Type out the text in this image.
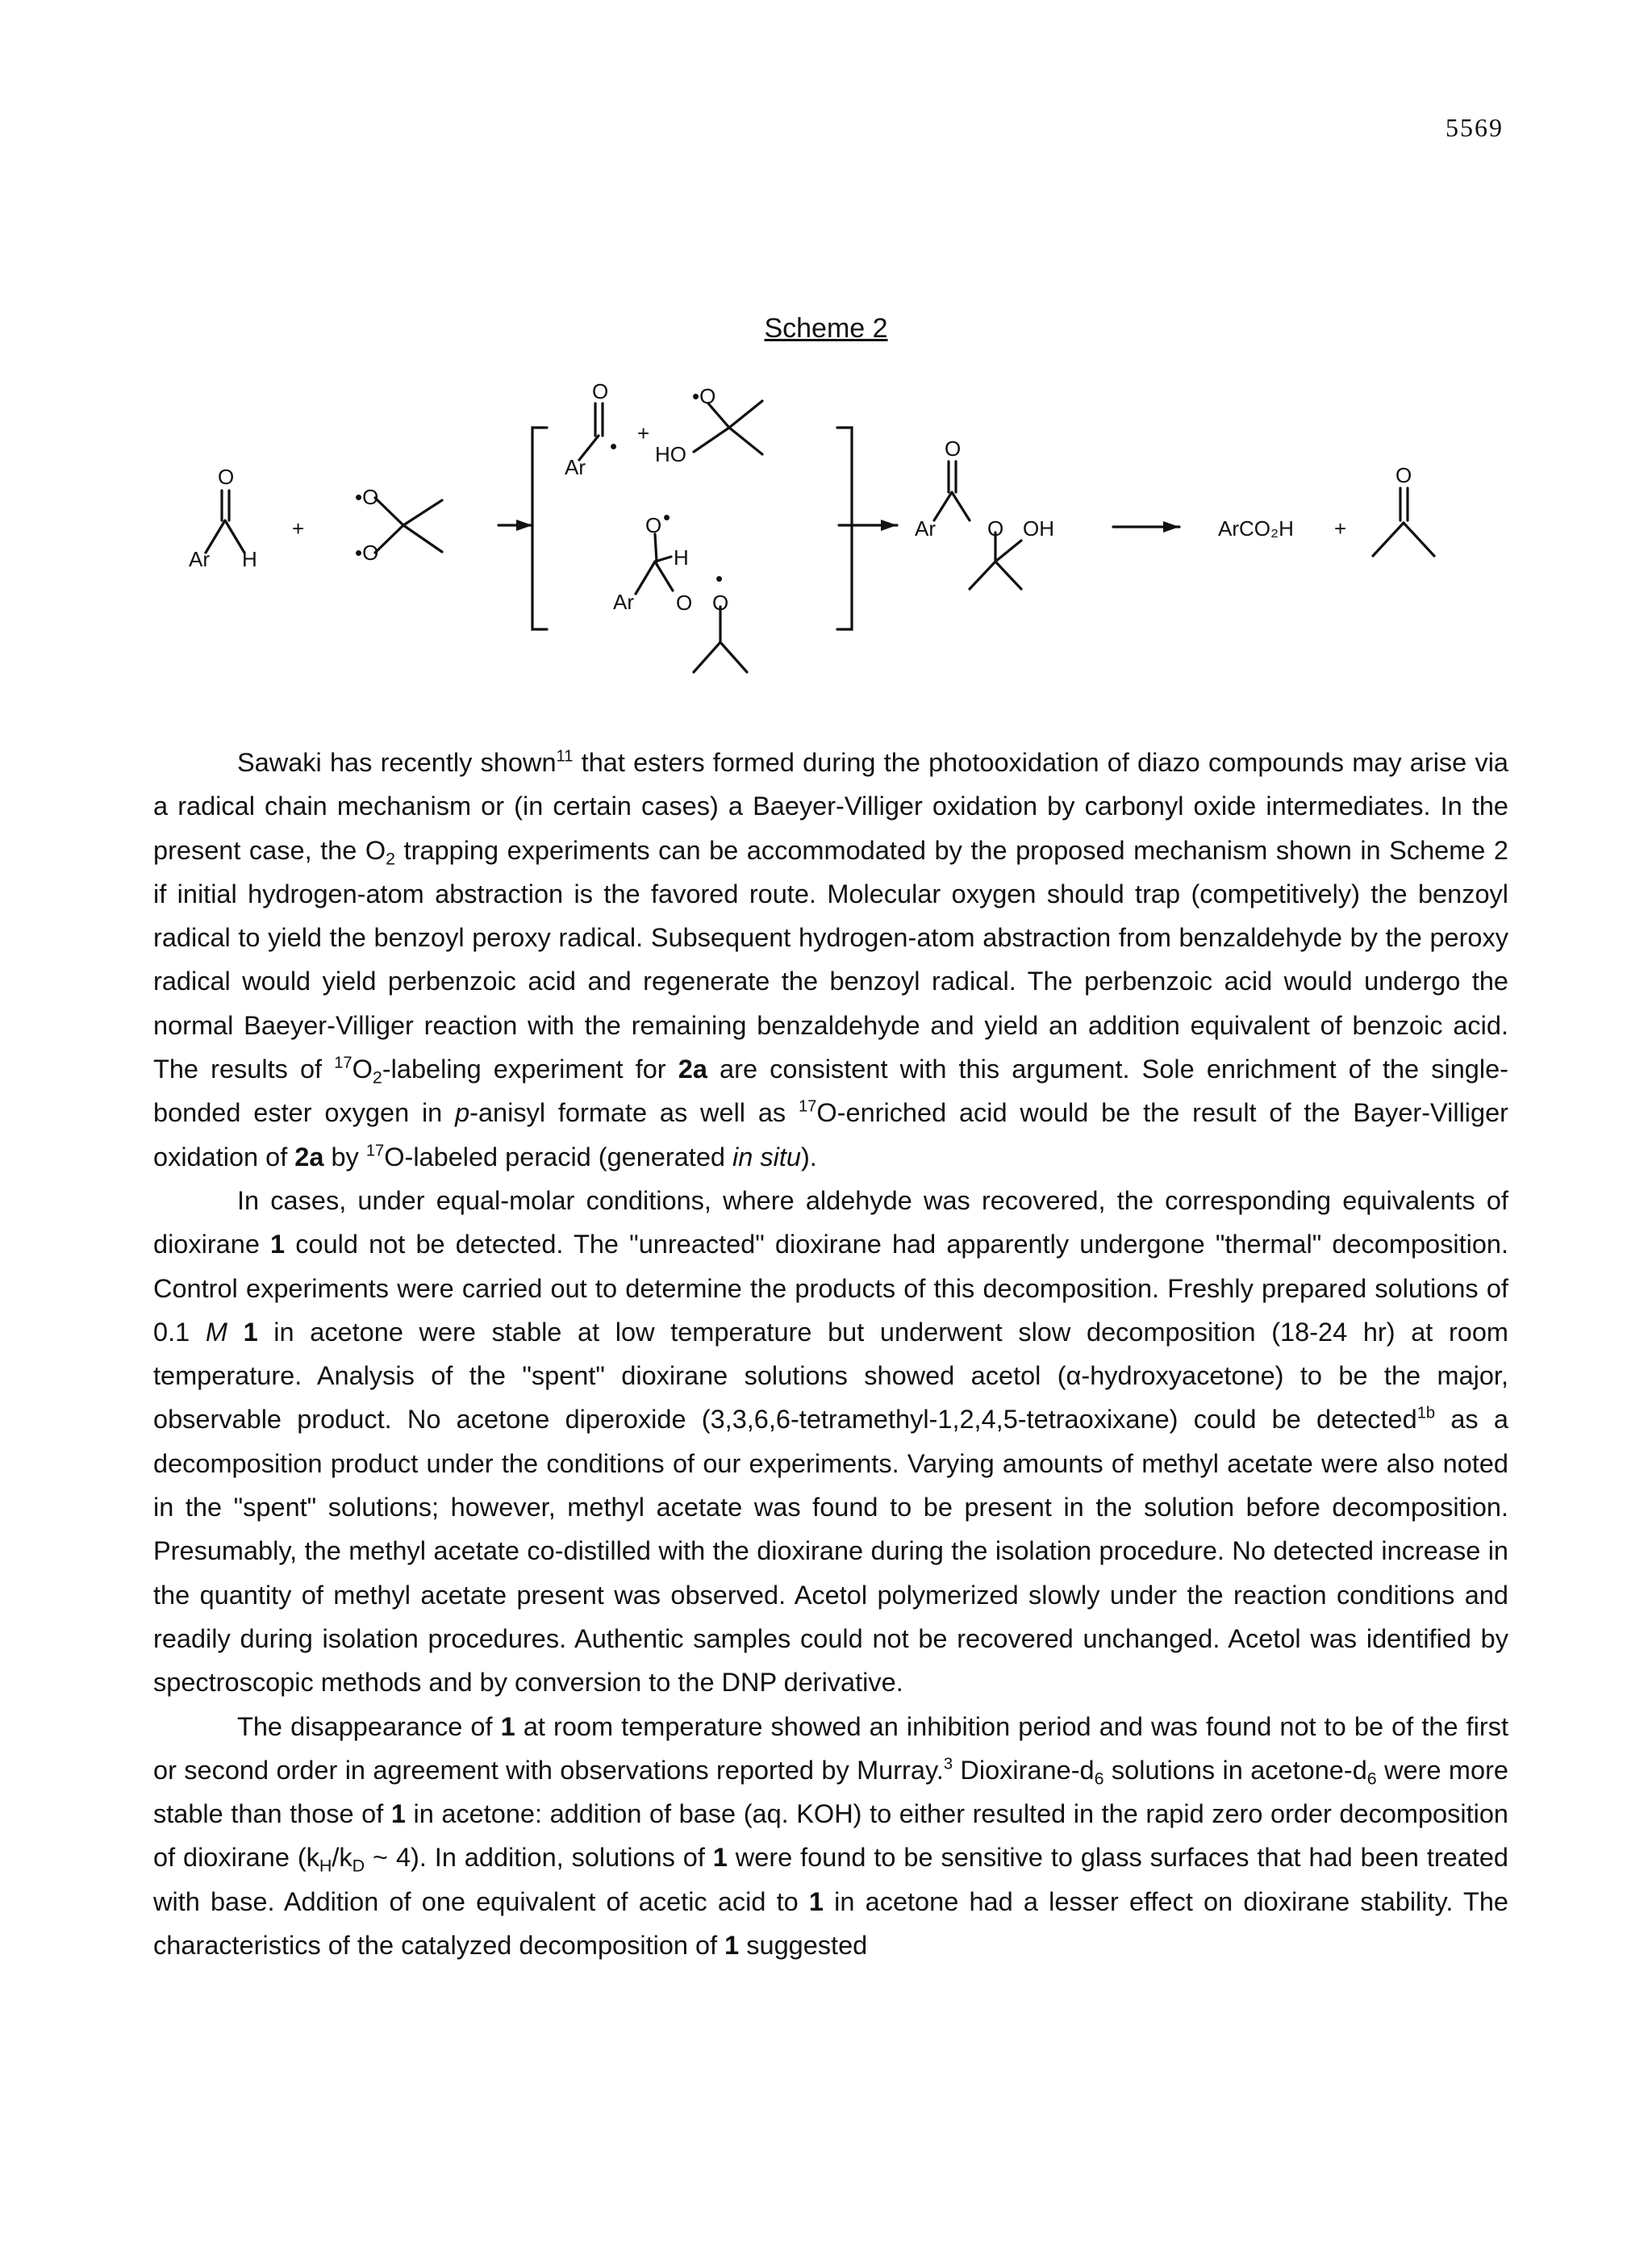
5569
Scheme 2
O
Ar H
+
•O
•O
O
Ar
•
+
•O
HO
O •
H
Ar O O
•
O
Ar O OH	ArCO₂H +
O

Sawaki has recently shown$^{11}$ that esters formed during the photooxidation of diazo compounds may arise via a radical chain mechanism or (in certain cases) a Baeyer-Villiger oxidation by carbonyl oxide intermediates. In the present case, the $O_2$ trapping experiments can be accommodated by the proposed mechanism shown in Scheme 2 if initial hydrogen-atom abstraction is the favored route. Molecular oxygen should trap (competitively) the benzoyl radical to yield the benzoyl peroxy radical. Subsequent hydrogen-atom abstraction from benzaldehyde by the peroxy radical would yield perbenzoic acid and regenerate the benzoyl radical. The perbenzoic acid would undergo the normal Baeyer-Villiger reaction with the remaining benzaldehyde and yield an addition equivalent of benzoic acid. The results of $^{17}O_2$-labeling experiment for 2a are consistent with this argument. Sole enrichment of the single-bonded ester oxygen in p-anisyl formate as well as $^{17}$O-enriched acid would be the result of the Bayer-Villiger oxidation of 2a by $^{17}$O-labeled peracid (generated in situ).

In cases, under equal-molar conditions, where aldehyde was recovered, the corresponding equivalents of dioxirane 1 could not be detected. The "unreacted" dioxirane had apparently undergone "thermal" decomposition. Control experiments were carried out to determine the products of this decomposition. Freshly prepared solutions of 0.1 M 1 in acetone were stable at low temperature but underwent slow decomposition (18-24 hr) at room temperature. Analysis of the "spent" dioxirane solutions showed acetol (α-hydroxyacetone) to be the major, observable product. No acetone diperoxide (3,3,6,6-tetramethyl-1,2,4,5-tetraoxixane) could be detected$^{1b}$ as a decomposition product under the conditions of our experiments. Varying amounts of methyl acetate were also noted in the "spent" solutions; however, methyl acetate was found to be present in the solution before decomposition. Presumably, the methyl acetate co-distilled with the dioxirane during the isolation procedure. No detected increase in the quantity of methyl acetate present was observed. Acetol polymerized slowly under the reaction conditions and readily during isolation procedures. Authentic samples could not be recovered unchanged. Acetol was identified by spectroscopic methods and by conversion to the DNP derivative.

The disappearance of 1 at room temperature showed an inhibition period and was found not to be of the first or second order in agreement with observations reported by Murray.$^3$ Dioxirane-$d_6$ solutions in acetone-$d_6$ were more stable than those of 1 in acetone: addition of base (aq. KOH) to either resulted in the rapid zero order decomposition of dioxirane ($k_H/k_D$ ~ 4). In addition, solutions of 1 were found to be sensitive to glass surfaces that had been treated with base. Addition of one equivalent of acetic acid to 1 in acetone had a lesser effect on dioxirane stability. The characteristics of the catalyzed decomposition of 1 suggested
